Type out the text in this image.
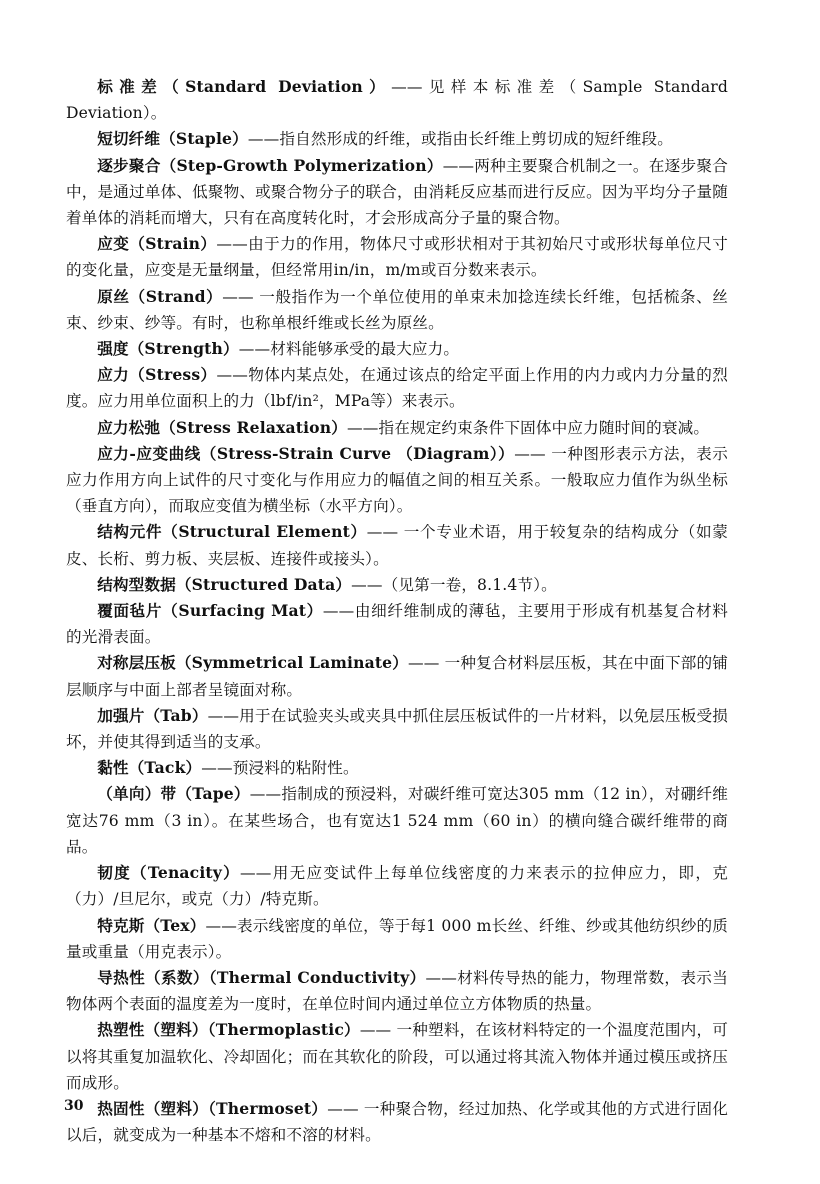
标准差（Standard Deviation）——见样本标准差（Sample Standard Deviation）。

短切纤维（Staple）——指自然形成的纤维，或指由长纤维上剪切成的短纤维段。

逐步聚合（Step-Growth Polymerization）——两种主要聚合机制之一。在逐步聚合中，是通过单体、低聚物、或聚合物分子的联合，由消耗反应基而进行反应。因为平均分子量随着单体的消耗而增大，只有在高度转化时，才会形成高分子量的聚合物。

应变（Strain）——由于力的作用，物体尺寸或形状相对于其初始尺寸或形状每单位尺寸的变化量，应变是无量纲量，但经常用in/in，m/m或百分数来表示。

原丝（Strand）—— 一般指作为一个单位使用的单束未加捻连续长纤维，包括梳条、丝束、纱束、纱等。有时，也称单根纤维或长丝为原丝。

强度（Strength）——材料能够承受的最大应力。

应力（Stress）——物体内某点处，在通过该点的给定平面上作用的内力或内力分量的烈度。应力用单位面积上的力（lbf/in²，MPa等）来表示。

应力松弛（Stress Relaxation）——指在规定约束条件下固体中应力随时间的衰减。

应力-应变曲线（Stress-Strain Curve （Diagram））—— 一种图形表示方法，表示应力作用方向上试件的尺寸变化与作用应力的幅值之间的相互关系。一般取应力值作为纵坐标（垂直方向），而取应变值为横坐标（水平方向）。

结构元件（Structural Element）—— 一个专业术语，用于较复杂的结构成分（如蒙皮、长桁、剪力板、夹层板、连接件或接头）。

结构型数据（Structured Data）——（见第一卷，8.1.4节）。

覆面毡片（Surfacing Mat）——由细纤维制成的薄毡，主要用于形成有机基复合材料的光滑表面。

对称层压板（Symmetrical Laminate）—— 一种复合材料层压板，其在中面下部的铺层顺序与中面上部者呈镜面对称。

加强片（Tab）——用于在试验夹头或夹具中抓住层压板试件的一片材料，以免层压板受损坏，并使其得到适当的支承。

黏性（Tack）——预浸料的粘附性。

（单向）带（Tape）——指制成的预浸料，对碳纤维可宽达305 mm（12 in），对硼纤维宽达76 mm（3 in）。在某些场合，也有宽达1 524 mm（60 in）的横向缝合碳纤维带的商品。

韧度（Tenacity）——用无应变试件上每单位线密度的力来表示的拉伸应力，即，克（力）/旦尼尔，或克（力）/特克斯。

特克斯（Tex）——表示线密度的单位，等于每1 000 m长丝、纤维、纱或其他纺织纱的质量或重量（用克表示）。

导热性（系数）（Thermal Conductivity）——材料传导热的能力，物理常数，表示当物体两个表面的温度差为一度时，在单位时间内通过单位立方体物质的热量。

热塑性（塑料）（Thermoplastic）—— 一种塑料，在该材料特定的一个温度范围内，可以将其重复加温软化、冷却固化；而在其软化的阶段，可以通过将其流入物体并通过模压或挤压而成形。

热固性（塑料）（Thermoset）—— 一种聚合物，经过加热、化学或其他的方式进行固化以后，就变成为一种基本不熔和不溶的材料。

30
